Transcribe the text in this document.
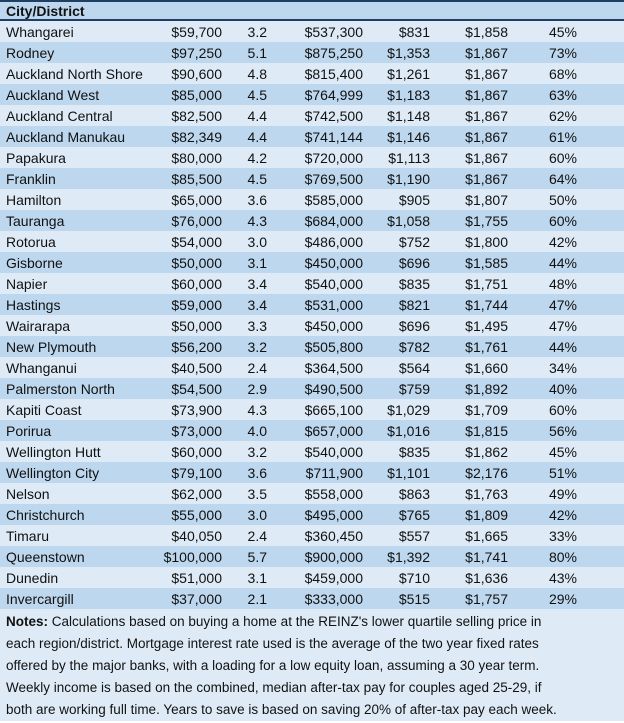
City/District
Whangarei	$59,700	3.2	$537,300	$831	$1,858	45%
Rodney	$97,250	5.1	$875,250	$1,353	$1,867	73%
Auckland North Shore	$90,600	4.8	$815,400	$1,261	$1,867	68%
Auckland West	$85,000	4.5	$764,999	$1,183	$1,867	63%
Auckland Central	$82,500	4.4	$742,500	$1,148	$1,867	62%
Auckland Manukau	$82,349	4.4	$741,144	$1,146	$1,867	61%
Papakura	$80,000	4.2	$720,000	$1,113	$1,867	60%
Franklin	$85,500	4.5	$769,500	$1,190	$1,867	64%
Hamilton	$65,000	3.6	$585,000	$905	$1,807	50%
Tauranga	$76,000	4.3	$684,000	$1,058	$1,755	60%
Rotorua	$54,000	3.0	$486,000	$752	$1,800	42%
Gisborne	$50,000	3.1	$450,000	$696	$1,585	44%
Napier	$60,000	3.4	$540,000	$835	$1,751	48%
Hastings	$59,000	3.4	$531,000	$821	$1,744	47%
Wairarapa	$50,000	3.3	$450,000	$696	$1,495	47%
New Plymouth	$56,200	3.2	$505,800	$782	$1,761	44%
Whanganui	$40,500	2.4	$364,500	$564	$1,660	34%
Palmerston North	$54,500	2.9	$490,500	$759	$1,892	40%
Kapiti Coast	$73,900	4.3	$665,100	$1,029	$1,709	60%
Porirua	$73,000	4.0	$657,000	$1,016	$1,815	56%
Wellington Hutt	$60,000	3.2	$540,000	$835	$1,862	45%
Wellington City	$79,100	3.6	$711,900	$1,101	$2,176	51%
Nelson	$62,000	3.5	$558,000	$863	$1,763	49%
Christchurch	$55,000	3.0	$495,000	$765	$1,809	42%
Timaru	$40,050	2.4	$360,450	$557	$1,665	33%
Queenstown	$100,000	5.7	$900,000	$1,392	$1,741	80%
Dunedin	$51,000	3.1	$459,000	$710	$1,636	43%
Invercargill	$37,000	2.1	$333,000	$515	$1,757	29%
Notes: Calculations based on buying a home at the REINZ's lower quartile selling price in
each region/district. Mortgage interest rate used is the average of the two year fixed rates
offered by the major banks, with a loading for a low equity loan, assuming a 30 year term.
Weekly income is based on the combined, median after-tax pay for couples aged 25-29, if
both are working full time. Years to save is based on saving 20% of after-tax pay each week.
